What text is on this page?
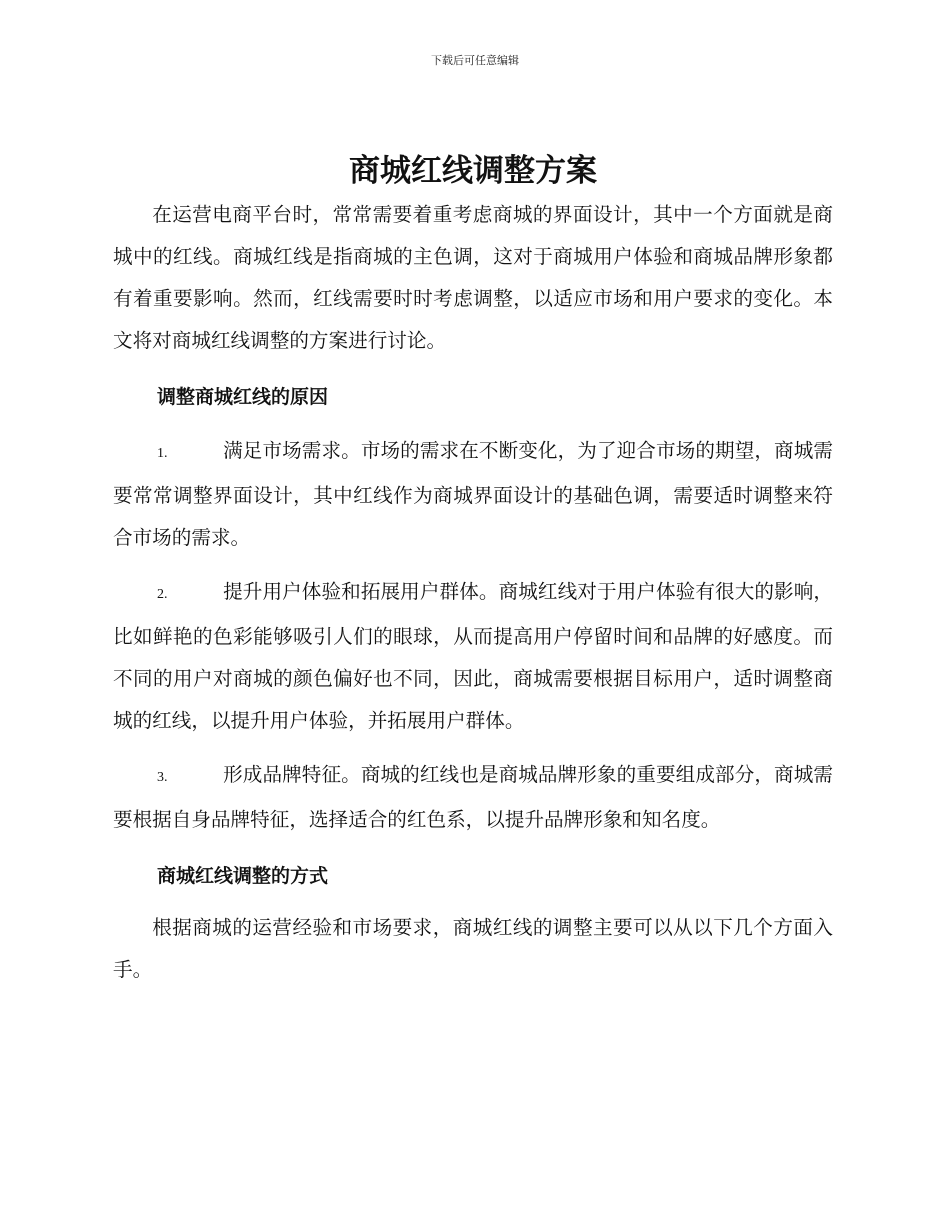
下载后可任意编辑
商城红线调整方案

在运营电商平台时，常常需要着重考虑商城的界面设计，其中一个方面就是商城中的红线。商城红线是指商城的主色调，这对于商城用户体验和商城品牌形象都有着重要影响。然而，红线需要时时考虑调整，以适应市场和用户要求的变化。本文将对商城红线调整的方案进行讨论。

调整商城红线的原因
1.	满足市场需求。市场的需求在不断变化，为了迎合市场的期望，商城需要常常调整界面设计，其中红线作为商城界面设计的基础色调，需要适时调整来符合市场的需求。
2.	提升用户体验和拓展用户群体。商城红线对于用户体验有很大的影响，比如鲜艳的色彩能够吸引人们的眼球，从而提高用户停留时间和品牌的好感度。而不同的用户对商城的颜色偏好也不同，因此，商城需要根据目标用户，适时调整商城的红线，以提升用户体验，并拓展用户群体。
3.	形成品牌特征。商城的红线也是商城品牌形象的重要组成部分，商城需要根据自身品牌特征，选择适合的红色系，以提升品牌形象和知名度。
商城红线调整的方式

根据商城的运营经验和市场要求，商城红线的调整主要可以从以下几个方面入手。
